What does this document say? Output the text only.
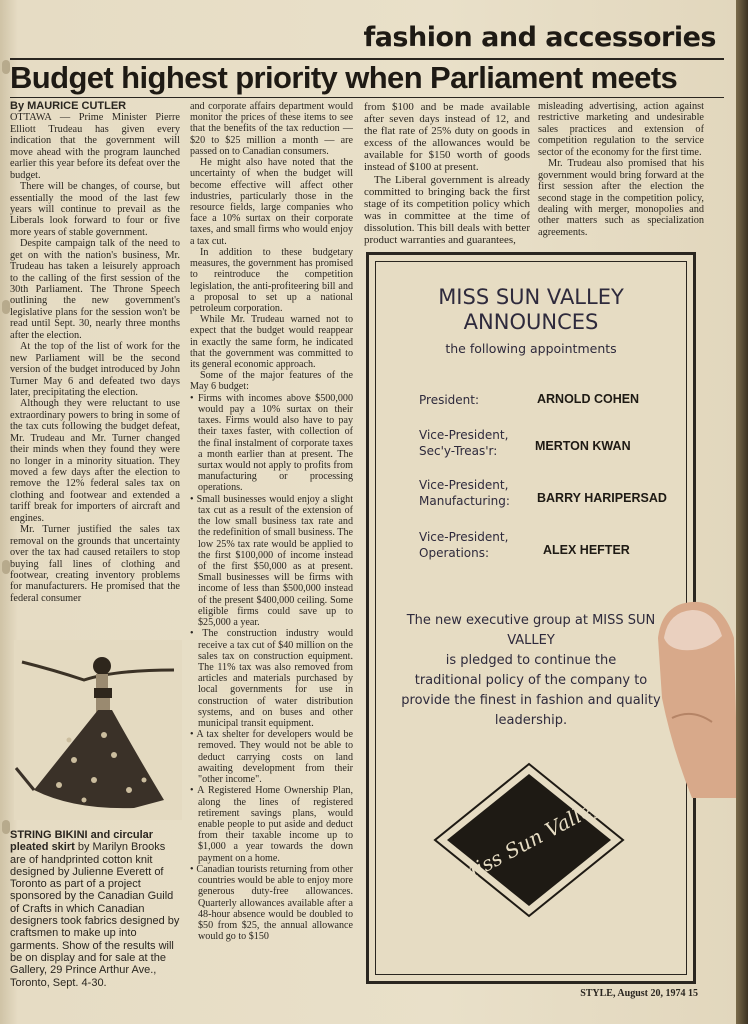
fashion and accessories
Budget highest priority when Parliament meets

By MAURICE CUTLER

OTTAWA — Prime Minister Pierre Elliott Trudeau has given every indication that the government will move ahead with the program launched earlier this year before its defeat over the budget.

There will be changes, of course, but essentially the mood of the last few years will continue to prevail as the Liberals look forward to four or five more years of stable government.

Despite campaign talk of the need to get on with the nation's business, Mr. Trudeau has taken a leisurely approach to the calling of the first session of the 30th Parliament. The Throne Speech outlining the new government's legislative plans for the session won't be read until Sept. 30, nearly three months after the election.

At the top of the list of work for the new Parliament will be the second version of the budget introduced by John Turner May 6 and defeated two days later, precipitating the election.

Although they were reluctant to use extraordinary powers to bring in some of the tax cuts following the budget defeat, Mr. Trudeau and Mr. Turner changed their minds when they found they were no longer in a minority situation. They moved a few days after the election to remove the 12% federal sales tax on clothing and footwear and extended a tariff break for importers of aircraft and engines.

Mr. Turner justified the sales tax removal on the grounds that uncertainty over the tax had caused retailers to stop buying fall lines of clothing and footwear, creating inventory problems for manufacturers. He promised that the federal consumer

STRING BIKINI and circular pleated skirt by Marilyn Brooks are of handprinted cotton knit designed by Julienne Everett of Toronto as part of a project sponsored by the Canadian Guild of Crafts in which Canadian designers took fabrics designed by craftsmen to make up into garments. Show of the results will be on display and for sale at the Gallery, 29 Prince Arthur Ave., Toronto, Sept. 4-30.

and corporate affairs department would monitor the prices of these items to see that the benefits of the tax reduction — $20 to $25 million a month — are passed on to Canadian consumers.

He might also have noted that the uncertainty of when the budget will become effective will affect other industries, particularly those in the resource fields, large companies who face a 10% surtax on their corporate taxes, and small firms who would enjoy a tax cut.

In addition to these budgetary measures, the government has promised to reintroduce the competition legislation, the anti-profiteering bill and a proposal to set up a national petroleum corporation.

While Mr. Trudeau warned not to expect that the budget would reappear in exactly the same form, he indicated that the government was committed to its general economic approach.

Some of the major features of the May 6 budget:

• Firms with incomes above $500,000 would pay a 10% surtax on their taxes. Firms would also have to pay their taxes faster, with collection of the final instalment of corporate taxes a month earlier than at present. The surtax would not apply to profits from manufacturing or processing operations.

• Small businesses would enjoy a slight tax cut as a result of the extension of the low small business tax rate and the redefinition of small business. The low 25% tax rate would be applied to the first $100,000 of income instead of the first $50,000 as at present. Small businesses will be firms with income of less than $500,000 instead of the present $400,000 ceiling. Some eligible firms could save up to $25,000 a year.

• The construction industry would receive a tax cut of $40 million on the sales tax on construction equipment. The 11% tax was also removed from articles and materials purchased by local governments for use in construction of water distribution systems, and on buses and other municipal transit equipment.

• A tax shelter for developers would be removed. They would not be able to deduct carrying costs on land awaiting development from their "other income".

• A Registered Home Ownership Plan, along the lines of registered retirement savings plans, would enable people to put aside and deduct from their taxable income up to $1,000 a year towards the down payment on a home.

• Canadian tourists returning from other countries would be able to enjoy more generous duty-free allowances. Quarterly allowances available after a 48-hour absence would be doubled to $50 from $25, the annual allowance would go to $150

from $100 and be made available after seven days instead of 12, and the flat rate of 25% duty on goods in excess of the allowances would be available for $150 worth of goods instead of $100 at present.

The Liberal government is already committed to bringing back the first stage of its competition policy which was in committee at the time of dissolution. This bill deals with better product warranties and guarantees,

misleading advertising, action against restrictive marketing and undesirable sales practices and extension of competition regulation to the service sector of the economy for the first time.

Mr. Trudeau also promised that his government would bring forward at the first session after the election the second stage in the competition policy, dealing with merger, monopolies and other matters such as specialization agreements.

MISS SUN VALLEY
ANNOUNCES
the following appointments
President:	ARNOLD COHEN
Vice-President,
Sec'y-Treas'r:	MERTON KWAN
Vice-President,
Manufacturing: BARRY HARIPERSAD
Vice-President,
Operations:	ALEX HEFTER
The new executive group at MISS SUN VALLEY
is pledged to continue the
traditional policy of the company to
provide the finest in fashion and quality
leadership.
Miss Sun Valley
STYLE, August 20, 1974 15
